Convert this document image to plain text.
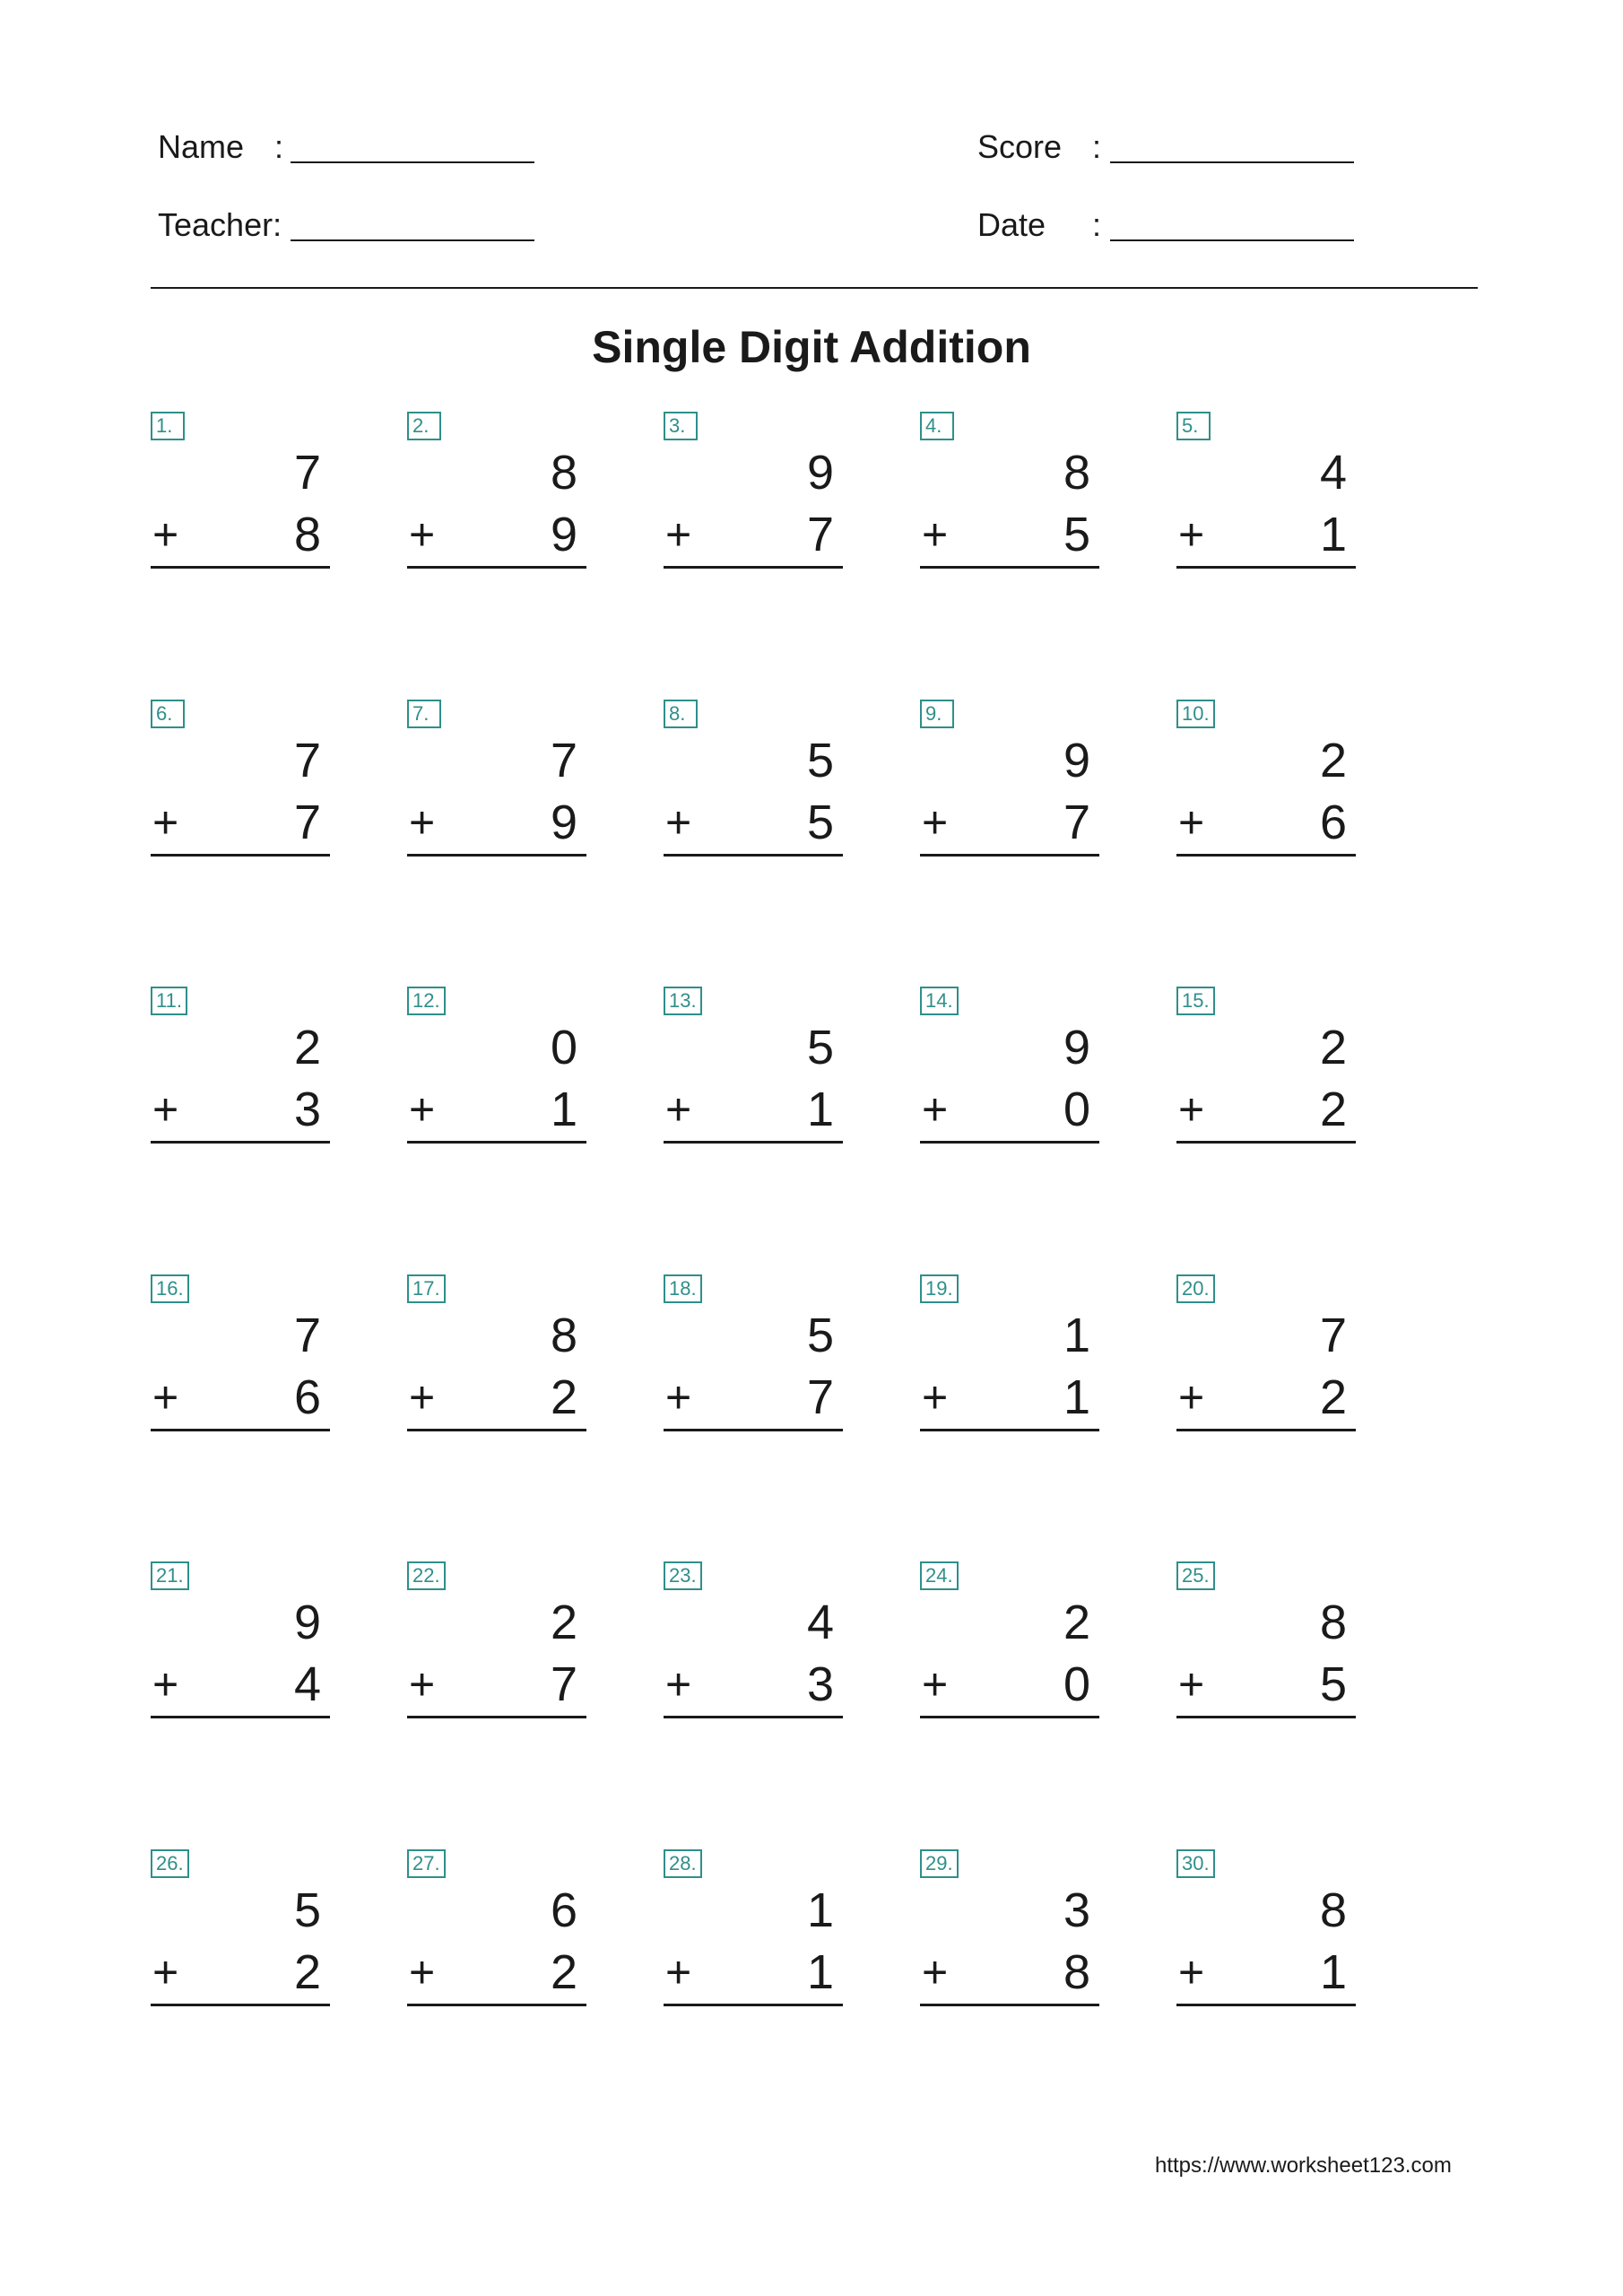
Name :
Teacher:
Score :
Date :
Single Digit Addition
1.
7
+ 8
2.
8
+ 9
3.
9
+ 7
4.
8
+ 5
5.
4
+ 1
6.
7
+ 7
7.
7
+ 9
8.
5
+ 5
9.
9
+ 7
10.
2
+ 6
11.
2
+ 3
12.
0
+ 1
13.
5
+ 1
14.
9
+ 0
15.
2
+ 2
16.
7
+ 6
17.
8
+ 2
18.
5
+ 7
19.
1
+ 1
20.
7
+ 2
21.
9
+ 4
22.
2
+ 7
23.
4
+ 3
24.
2
+ 0
25.
8
+ 5
26.
5
+ 2
27.
6
+ 2
28.
1
+ 1
29.
3
+ 8
30.
8
+ 1
https://www.worksheet123.com
